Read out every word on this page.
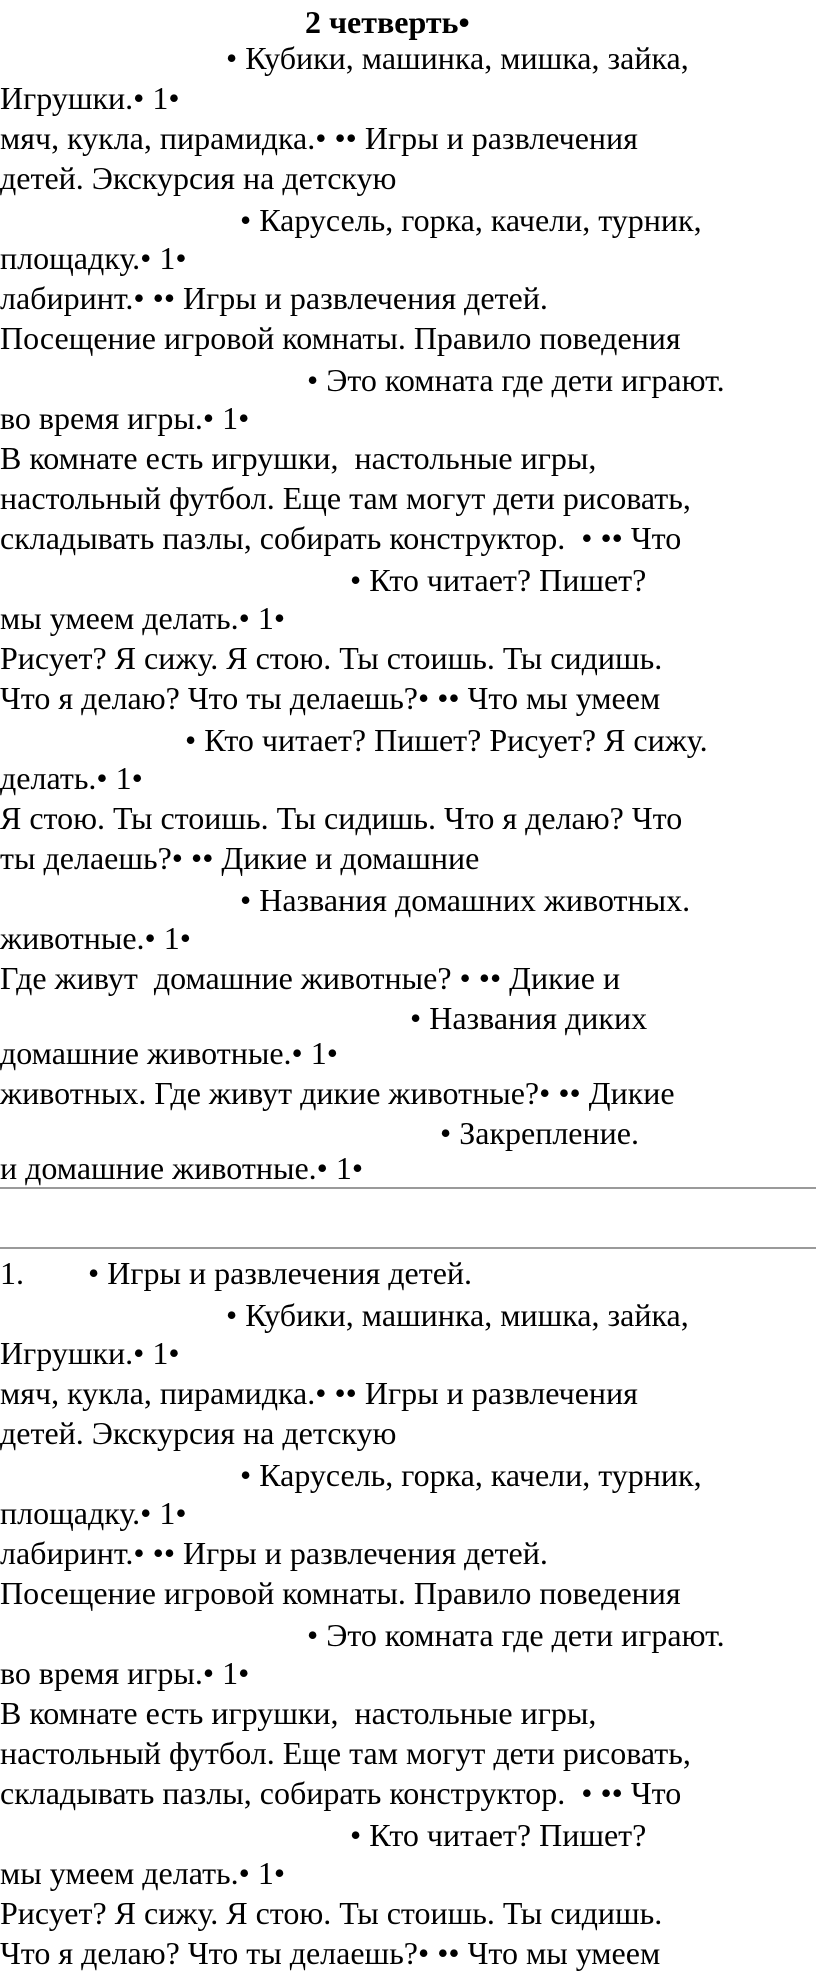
2 четверть•

• Кубики, машинка, мишка, зайка,

Игрушки.• 1•

мяч, кукла, пирамидка.• •• Игры и развлечения

детей. Экскурсия на детскую

• Карусель, горка, качели, турник,

площадку.• 1•

лабиринт.• •• Игры и развлечения детей.

Посещение игровой комнаты. Правило поведения

• Это комната где дети играют.

во время игры.• 1•

В комнате есть игрушки,  настольные игры,

настольный футбол. Еще там могут дети рисовать,

складывать пазлы, собирать конструктор.  • •• Что

• Кто читает? Пишет?

мы умеем делать.• 1•

Рисует? Я сижу. Я стою. Ты стоишь. Ты сидишь.

Что я делаю? Что ты делаешь?• •• Что мы умеем

• Кто читает? Пишет? Рисует? Я сижу.

делать.• 1•

Я стою. Ты стоишь. Ты сидишь. Что я делаю? Что

ты делаешь?• •• Дикие и домашние

• Названия домашних животных.

животные.• 1•

Где живут  домашние животные? • •• Дикие и

• Названия диких

домашние животные.• 1•

животных. Где живут дикие животные?• •• Дикие

• Закрепление.

и домашние животные.• 1•

1.        • Игры и развлечения детей.

• Кубики, машинка, мишка, зайка,

Игрушки.• 1•

мяч, кукла, пирамидка.• •• Игры и развлечения

детей. Экскурсия на детскую

• Карусель, горка, качели, турник,

площадку.• 1•

лабиринт.• •• Игры и развлечения детей.

Посещение игровой комнаты. Правило поведения

• Это комната где дети играют.

во время игры.• 1•

В комнате есть игрушки,  настольные игры,

настольный футбол. Еще там могут дети рисовать,

складывать пазлы, собирать конструктор.  • •• Что

• Кто читает? Пишет?

мы умеем делать.• 1•

Рисует? Я сижу. Я стою. Ты стоишь. Ты сидишь.

Что я делаю? Что ты делаешь?• •• Что мы умеем
